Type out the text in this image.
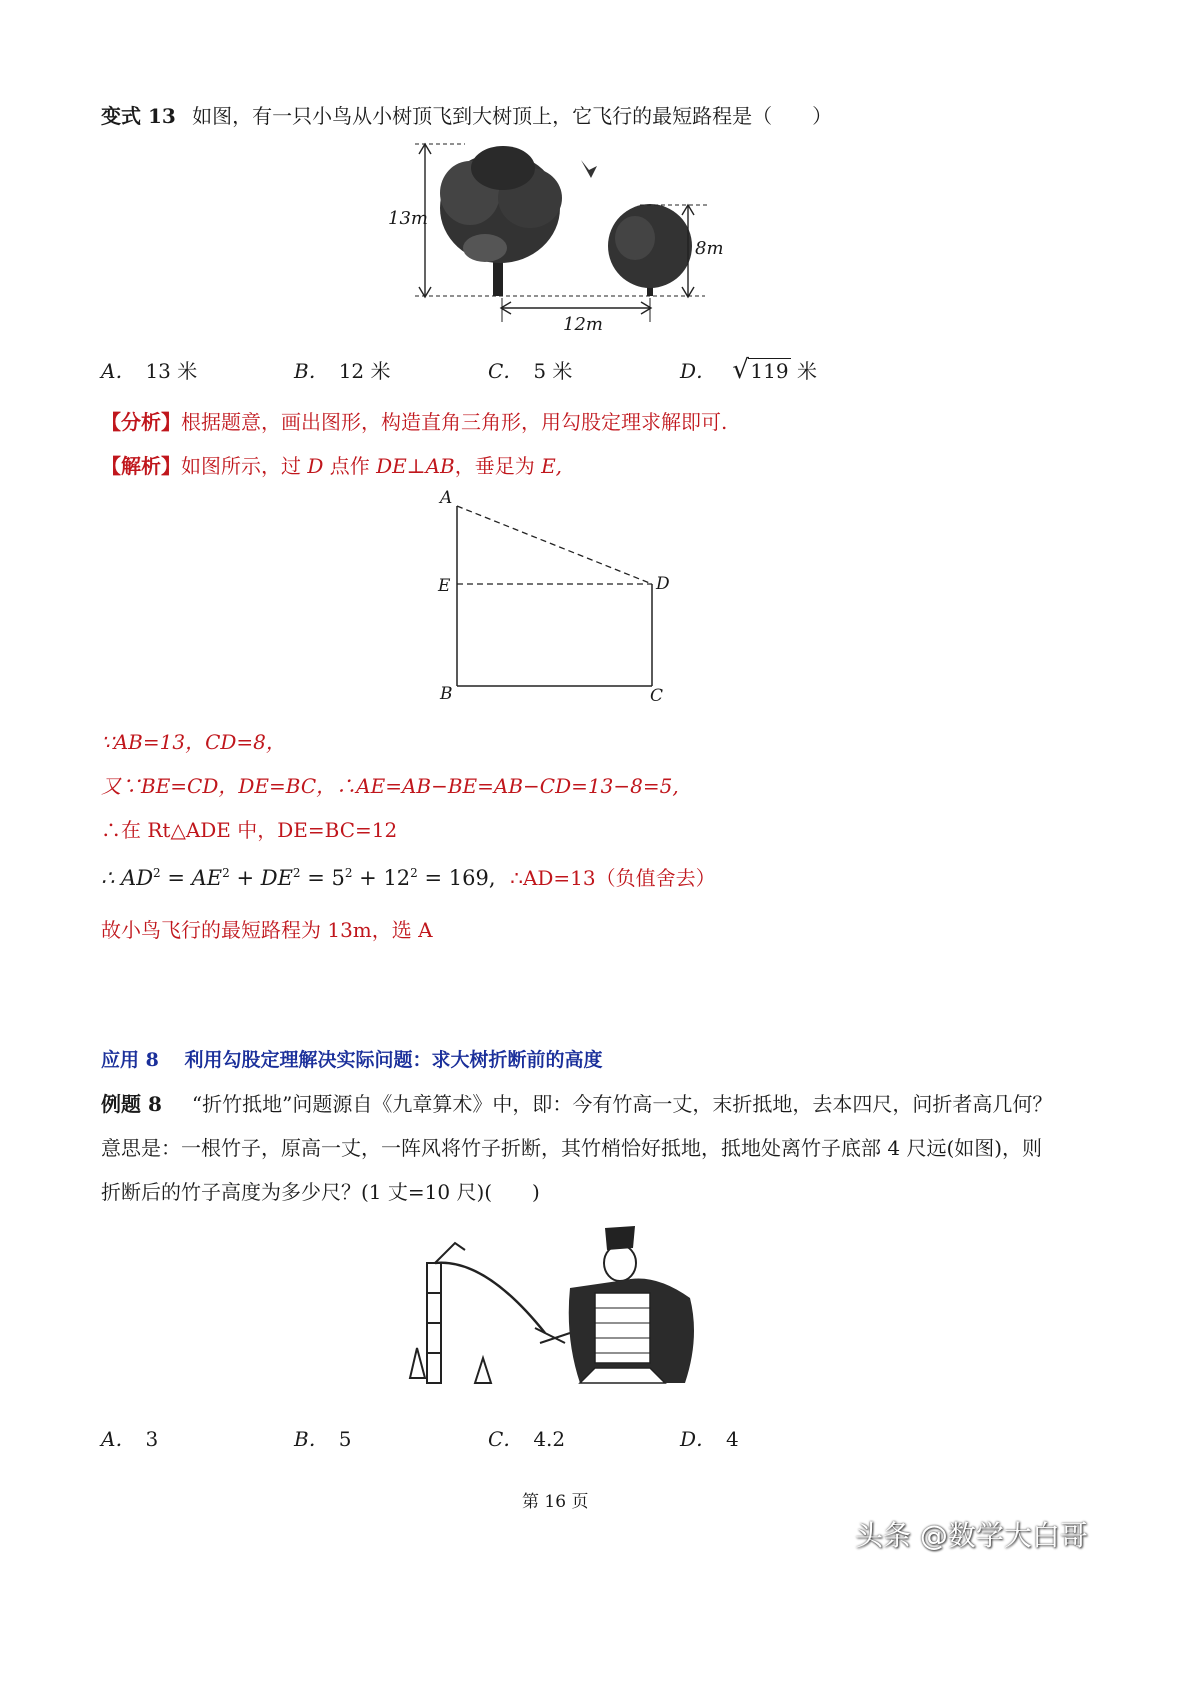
变式 13 如图，有一只小鸟从小树顶飞到大树顶上，它飞行的最短路程是（　　）
13m
8m
12m
A． 13 米	B． 12 米	C． 5 米	D． √ 119 米
【分析】根据题意，画出图形，构造直角三角形，用勾股定理求解即可.
【解析】如图所示，过 D 点作 DE⊥AB，垂足为 E,
A
E	D
B	C
∵AB=13，CD=8，
又∵BE=CD，DE=BC，∴AE=AB−BE=AB−CD=13−8=5,
∴在 Rt△ADE 中，DE=BC=12
∴ $AD^2 = AE^2 + DE^2 = 5^2 + 12^2 = 169$, ∴AD=13（负值舍去）
故小鸟飞行的最短路程为 13m，选 A
应用 8　 利用勾股定理解决实际问题：求大树折断前的高度
例题 8 “折竹抵地”问题源自《九章算术》中，即：今有竹高一丈，末折抵地，去本四尺，问折者高几何？
意思是：一根竹子，原高一丈，一阵风将竹子折断，其竹梢恰好抵地，抵地处离竹子底部 4 尺远(如图)，则
折断后的竹子高度为多少尺？(1 丈=10 尺)(　　)
A． 3	B． 5	C． 4.2	D． 4
第 16 页
头条 @数学大白哥
